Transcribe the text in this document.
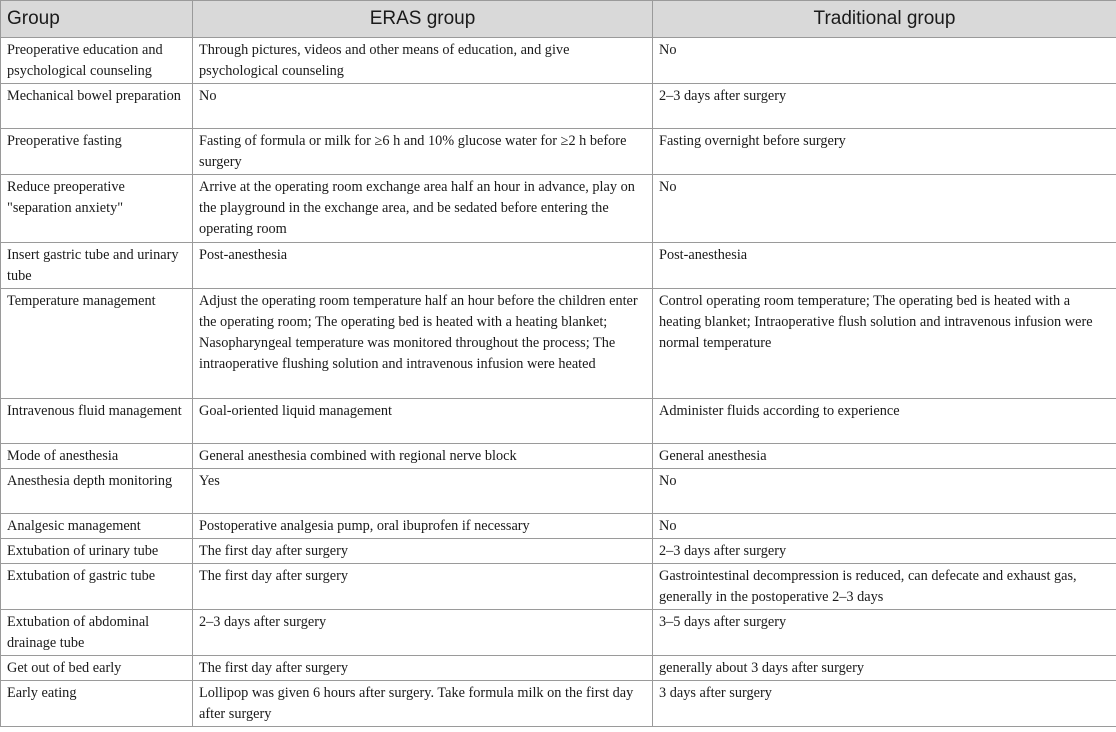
Group	ERAS group	Traditional group
Preoperative education and psychological counseling	Through pictures, videos and other means of education, and give psychological counseling	No
Mechanical bowel preparation	No	2–3 days after surgery
Preoperative fasting	Fasting of formula or milk for ≥6 h and 10% glucose water for ≥2 h before surgery	Fasting overnight before surgery
Reduce preoperative "separation anxiety"	Arrive at the operating room exchange area half an hour in advance, play on the playground in the exchange area, and be sedated before entering the operating room	No
Insert gastric tube and urinary tube	Post-anesthesia	Post-anesthesia
Temperature management	Adjust the operating room temperature half an hour before the children enter the operating room; The operating bed is heated with a heating blanket; Nasopharyngeal temperature was monitored throughout the process; The intraoperative flushing solution and intravenous infusion were heated	Control operating room temperature; The operating bed is heated with a heating blanket; Intraoperative flush solution and intravenous infusion were normal temperature
Intravenous fluid management	Goal-oriented liquid management	Administer fluids according to experience
Mode of anesthesia	General anesthesia combined with regional nerve block	General anesthesia
Anesthesia depth monitoring	Yes	No
Analgesic management	Postoperative analgesia pump, oral ibuprofen if necessary	No
Extubation of urinary tube	The first day after surgery	2–3 days after surgery
Extubation of gastric tube	The first day after surgery	Gastrointestinal decompression is reduced, can defecate and exhaust gas, generally in the postoperative 2–3 days
Extubation of abdominal drainage tube	2–3 days after surgery	3–5 days after surgery
Get out of bed early	The first day after surgery	generally about 3 days after surgery
Early eating	Lollipop was given 6 hours after surgery. Take formula milk on the first day after surgery	3 days after surgery
